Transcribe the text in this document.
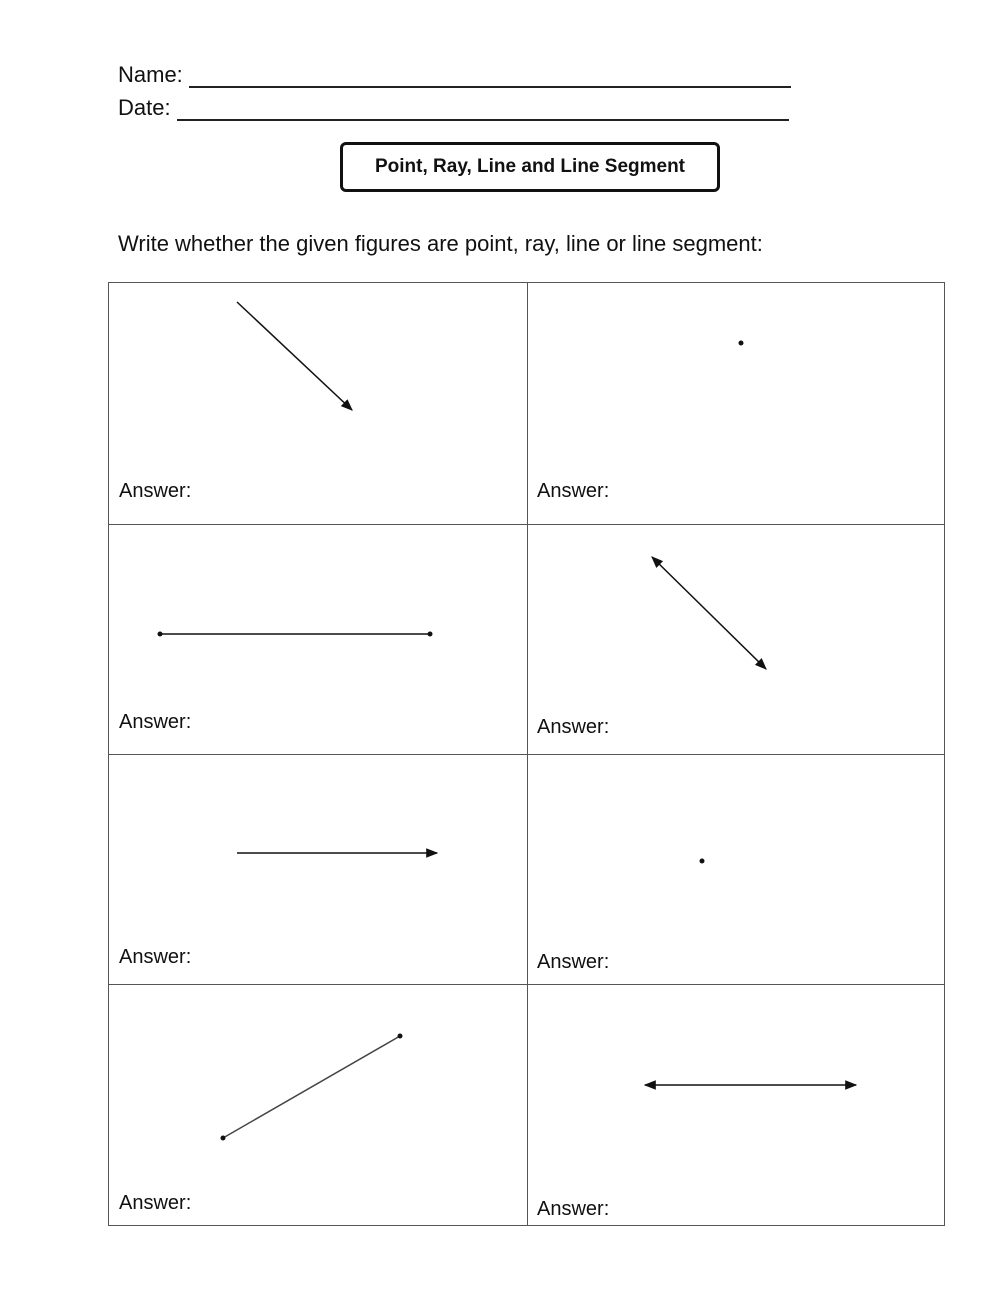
Name:
Date:
Point, Ray, Line and Line Segment
Write whether the given figures are point, ray, line or line segment:
Answer:	Answer:
Answer:	Answer:
Answer:	Answer:
Answer:	Answer:
